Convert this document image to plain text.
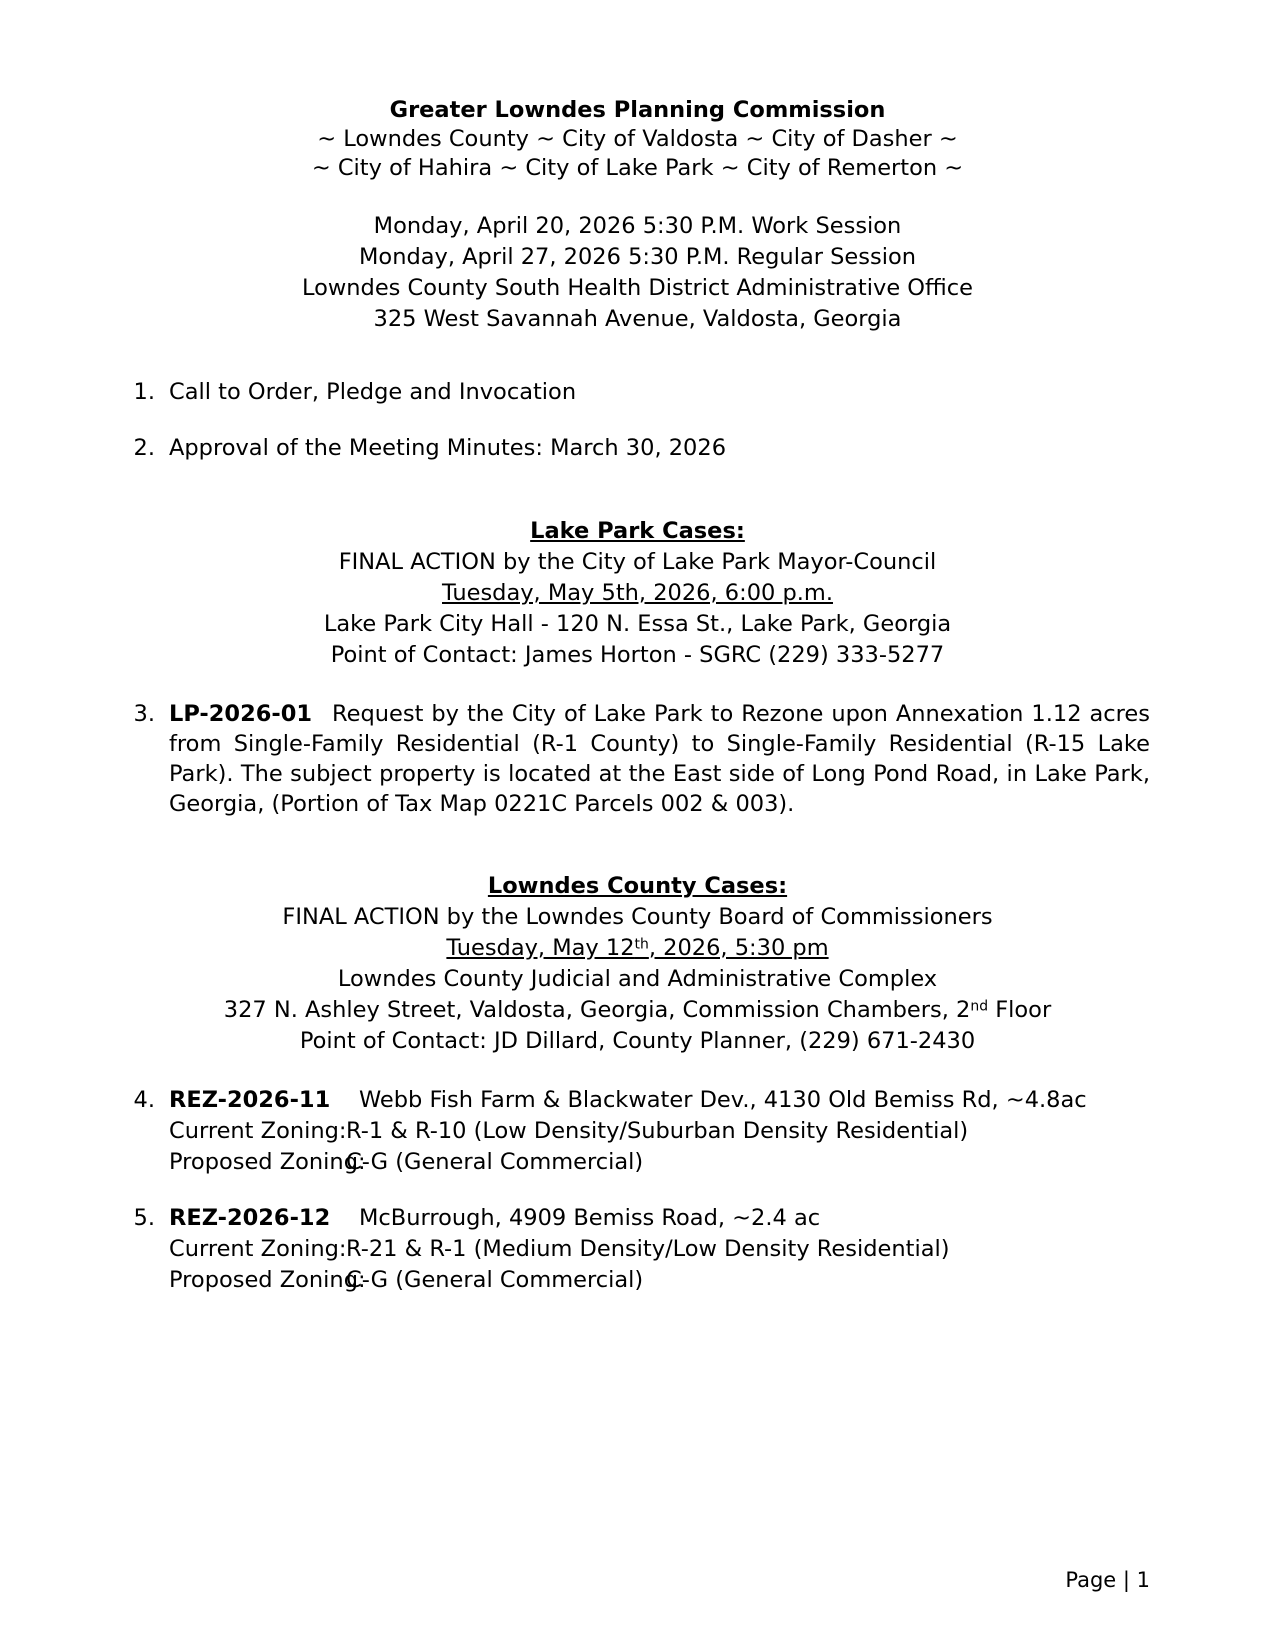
Greater Lowndes Planning Commission
~ Lowndes County ~ City of Valdosta ~ City of Dasher ~
~ City of Hahira ~ City of Lake Park ~ City of Remerton ~
Monday, April 20, 2026 5:30 P.M. Work Session
Monday, April 27, 2026 5:30 P.M. Regular Session
Lowndes County South Health District Administrative Office
325 West Savannah Avenue, Valdosta, Georgia
1. Call to Order, Pledge and Invocation
2. Approval of the Meeting Minutes: March 30, 2026
Lake Park Cases:
FINAL ACTION by the City of Lake Park Mayor-Council
Tuesday, May 5th, 2026, 6:00 p.m.
Lake Park City Hall - 120 N. Essa St., Lake Park, Georgia
Point of Contact: James Horton - SGRC (229) 333-5277
3. LP-2026-01 Request by the City of Lake Park to Rezone upon Annexation 1.12 acres from Single-Family Residential (R-1 County) to Single-Family Residential (R-15 Lake Park). The subject property is located at the East side of Long Pond Road, in Lake Park, Georgia, (Portion of Tax Map 0221C Parcels 002 & 003).
Lowndes County Cases:
FINAL ACTION by the Lowndes County Board of Commissioners
Tuesday, May 12th, 2026, 5:30 pm
Lowndes County Judicial and Administrative Complex
327 N. Ashley Street, Valdosta, Georgia, Commission Chambers, 2nd Floor
Point of Contact: JD Dillard, County Planner, (229) 671-2430
4. REZ-2026-11 Webb Fish Farm & Blackwater Dev., 4130 Old Bemiss Rd, ~4.8ac
Current Zoning:R-1 & R-10 (Low Density/Suburban Density Residential)
Proposed Zoning:C-G (General Commercial)
5. REZ-2026-12 McBurrough, 4909 Bemiss Road, ~2.4 ac
Current Zoning:R-21 & R-1 (Medium Density/Low Density Residential)
Proposed Zoning:C-G (General Commercial)
Page | 1
